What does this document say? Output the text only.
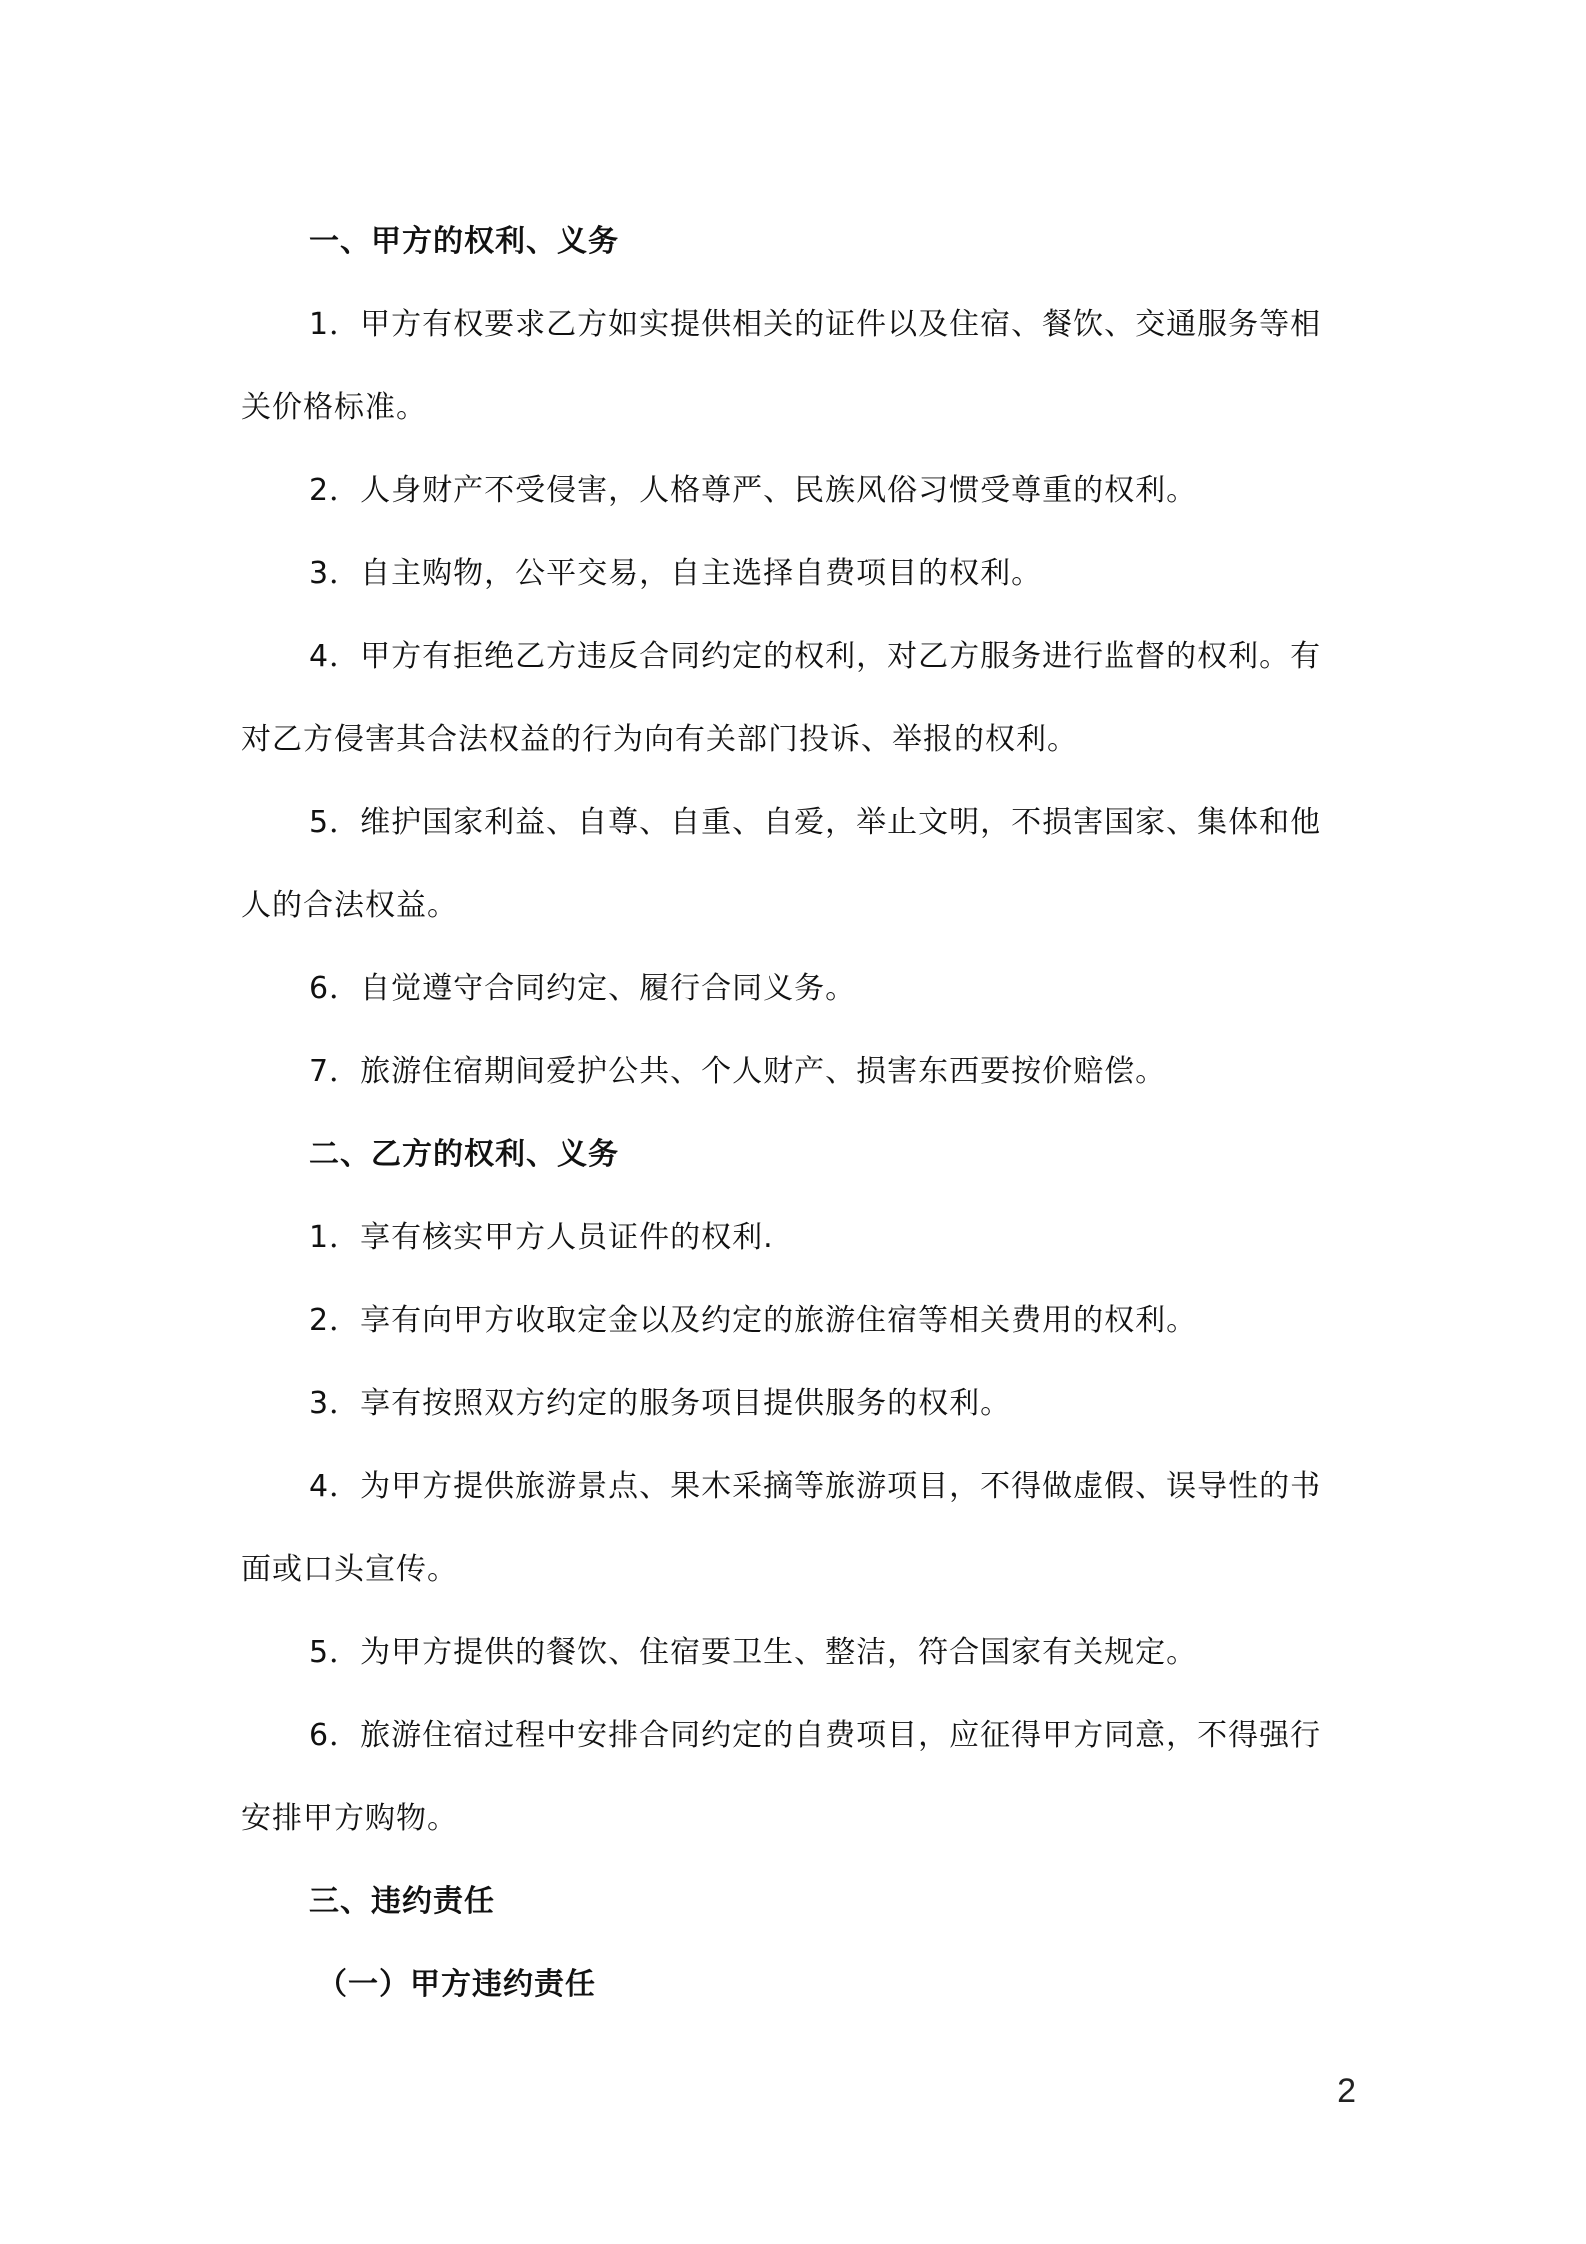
一、甲方的权利、义务
1．甲方有权要求乙方如实提供相关的证件以及住宿、餐饮、交通服务等相
关价格标准。
2．人身财产不受侵害，人格尊严、民族风俗习惯受尊重的权利。
3．自主购物，公平交易，自主选择自费项目的权利。
4．甲方有拒绝乙方违反合同约定的权利，对乙方服务进行监督的权利。有
对乙方侵害其合法权益的行为向有关部门投诉、举报的权利。
5．维护国家利益、自尊、自重、自爱，举止文明，不损害国家、集体和他
人的合法权益。
6．自觉遵守合同约定、履行合同义务。
7．旅游住宿期间爱护公共、个人财产、损害东西要按价赔偿。
二、乙方的权利、义务
1．享有核实甲方人员证件的权利.
2．享有向甲方收取定金以及约定的旅游住宿等相关费用的权利。
3．享有按照双方约定的服务项目提供服务的权利。
4．为甲方提供旅游景点、果木采摘等旅游项目，不得做虚假、误导性的书
面或口头宣传。
5．为甲方提供的餐饮、住宿要卫生、整洁，符合国家有关规定。
6．旅游住宿过程中安排合同约定的自费项目，应征得甲方同意，不得强行
安排甲方购物。
三、违约责任
（一）甲方违约责任
2
